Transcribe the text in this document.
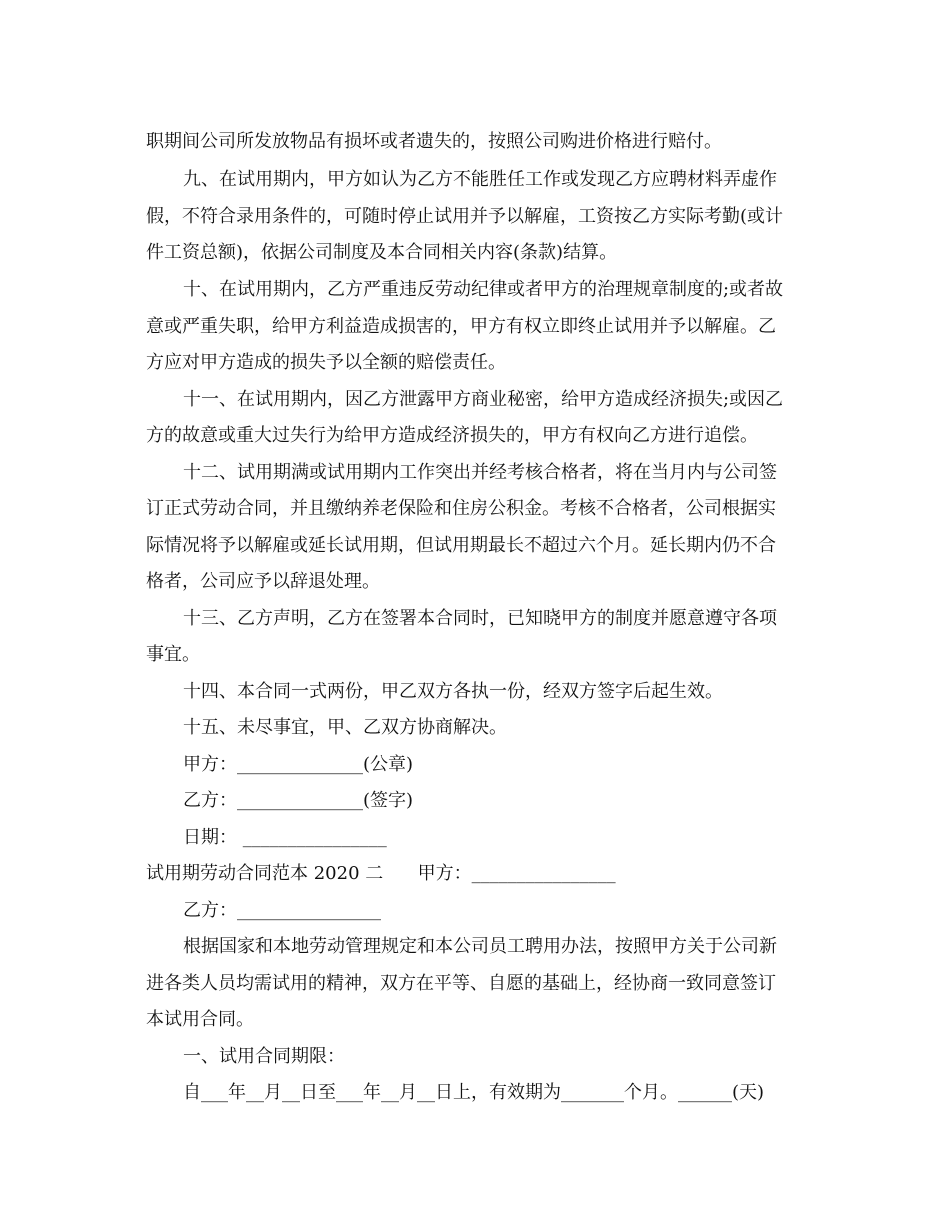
职期间公司所发放物品有损坏或者遗失的，按照公司购进价格进行赔付。
九、在试用期内，甲方如认为乙方不能胜任工作或发现乙方应聘材料弄虚作
假，不符合录用条件的，可随时停止试用并予以解雇，工资按乙方实际考勤(或计
件工资总额)，依据公司制度及本合同相关内容(条款)结算。
十、在试用期内，乙方严重违反劳动纪律或者甲方的治理规章制度的;或者故
意或严重失职，给甲方利益造成损害的，甲方有权立即终止试用并予以解雇。乙
方应对甲方造成的损失予以全额的赔偿责任。
十一、在试用期内，因乙方泄露甲方商业秘密，给甲方造成经济损失;或因乙
方的故意或重大过失行为给甲方造成经济损失的，甲方有权向乙方进行追偿。
十二、试用期满或试用期内工作突出并经考核合格者，将在当月内与公司签
订正式劳动合同，并且缴纳养老保险和住房公积金。考核不合格者，公司根据实
际情况将予以解雇或延长试用期，但试用期最长不超过六个月。延长期内仍不合
格者，公司应予以辞退处理。
十三、乙方声明，乙方在签署本合同时，已知晓甲方的制度并愿意遵守各项
事宜。
十四、本合同一式两份，甲乙双方各执一份，经双方签字后起生效。
十五、未尽事宜，甲、乙双方协商解决。
甲方：______________(公章)
乙方：______________(签字)
日期： ________________
试用期劳动合同范本 2020 二      甲方：________________
乙方：________________
根据国家和本地劳动管理规定和本公司员工聘用办法，按照甲方关于公司新
进各类人员均需试用的精神，双方在平等、自愿的基础上，经协商一致同意签订
本试用合同。
一、试用合同期限：
自___年__月__日至___年__月__日上，有效期为_______个月。______(天)
